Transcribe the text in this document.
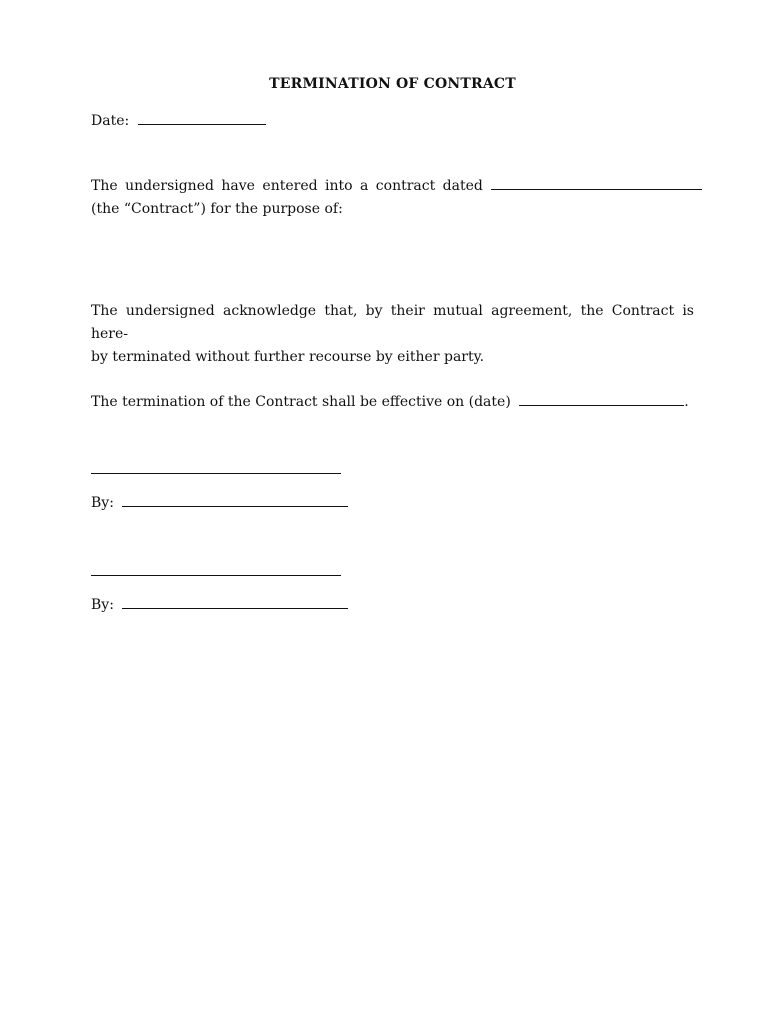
TERMINATION OF CONTRACT
Date:
The undersigned have entered into a contract dated
(the “Contract”) for the purpose of:
The undersigned acknowledge that, by their mutual agreement, the Contract is here-
by terminated without further recourse by either party.
The termination of the Contract shall be effective on (date)	.
By:
By:
